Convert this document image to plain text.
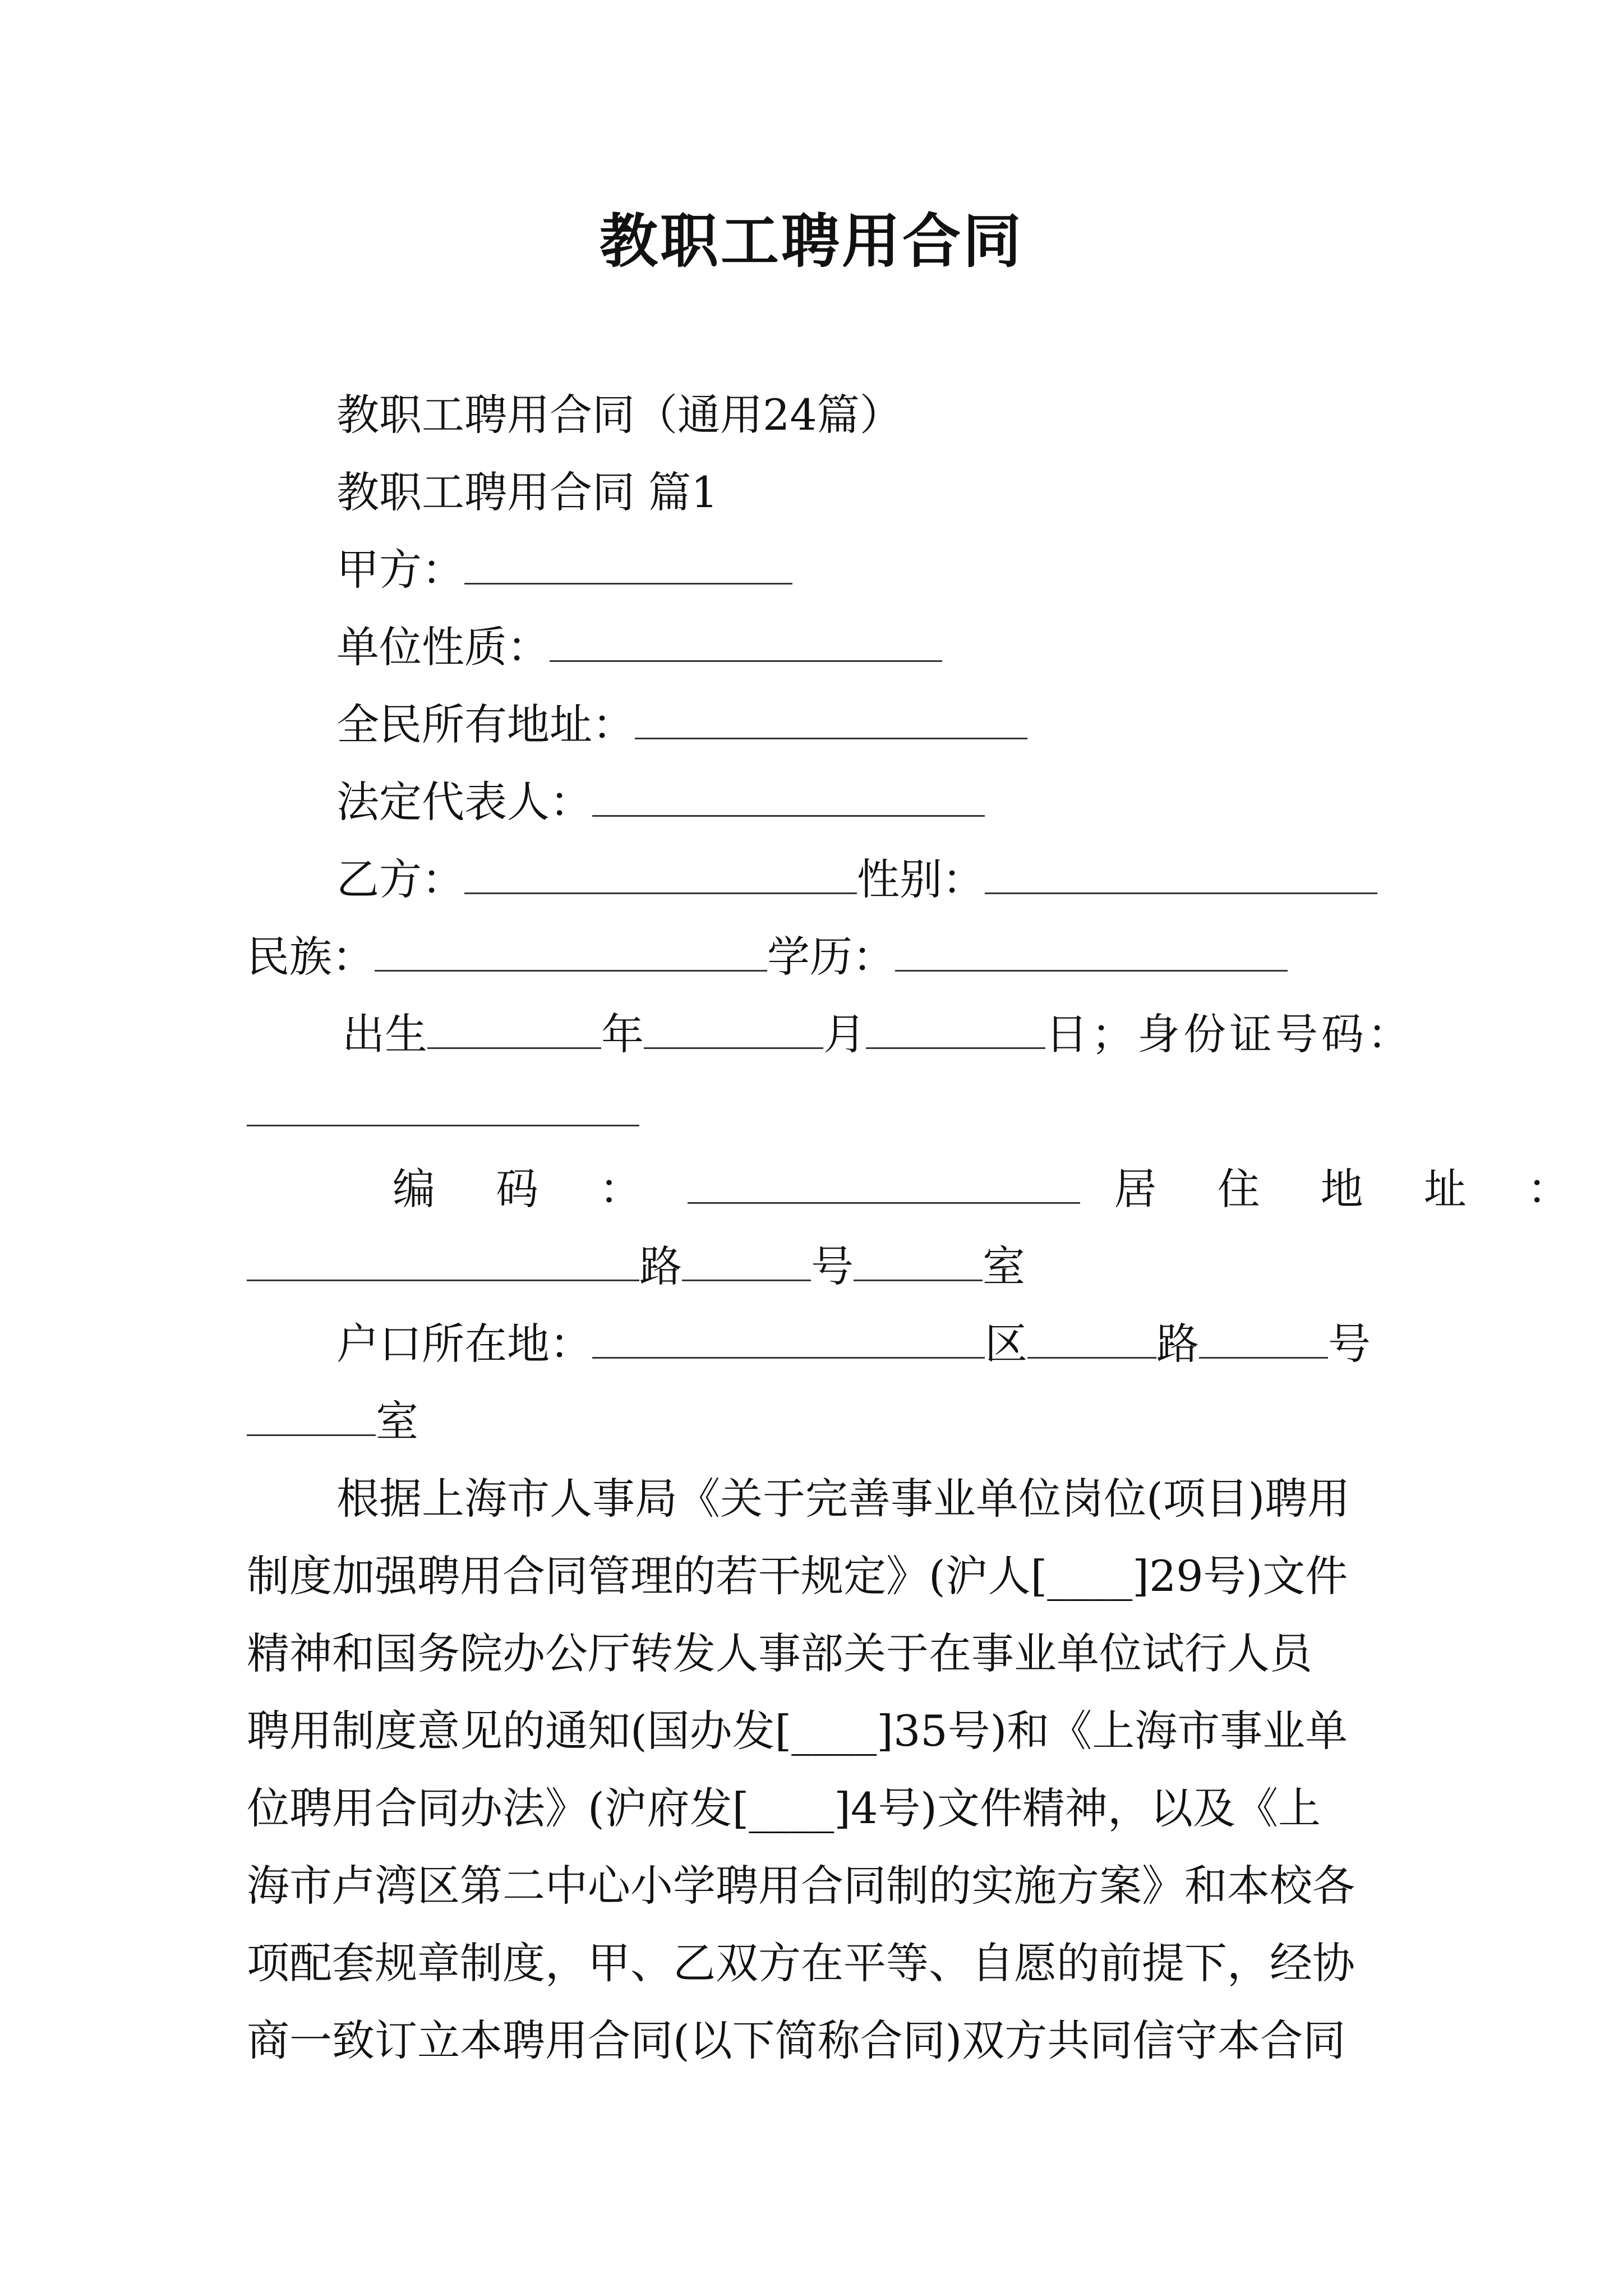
教职工聘用合同
教职工聘用合同（通用24篇）
教职工聘用合同 篇1
甲方：
单位性质：
全民所有地址：
法定代表人：
乙方：	性别：
民族：	学历：
出生	年	月	日；身份证号码：
编 码 ：	居 住 地 址 ：
路	号	室
户口所在地：	区	路	号
室
根据上海市人事局《关于完善事业单位岗位(项目)聘用
制度加强聘用合同管理的若干规定》(沪人[____]29号)文件
精神和国务院办公厅转发人事部关于在事业单位试行人员
聘用制度意见的通知(国办发[____]35号)和《上海市事业单
位聘用合同办法》(沪府发[____]4号)文件精神，以及《上
海市卢湾区第二中心小学聘用合同制的实施方案》和本校各
项配套规章制度，甲、乙双方在平等、自愿的前提下，经协
商一致订立本聘用合同(以下简称合同)双方共同信守本合同
